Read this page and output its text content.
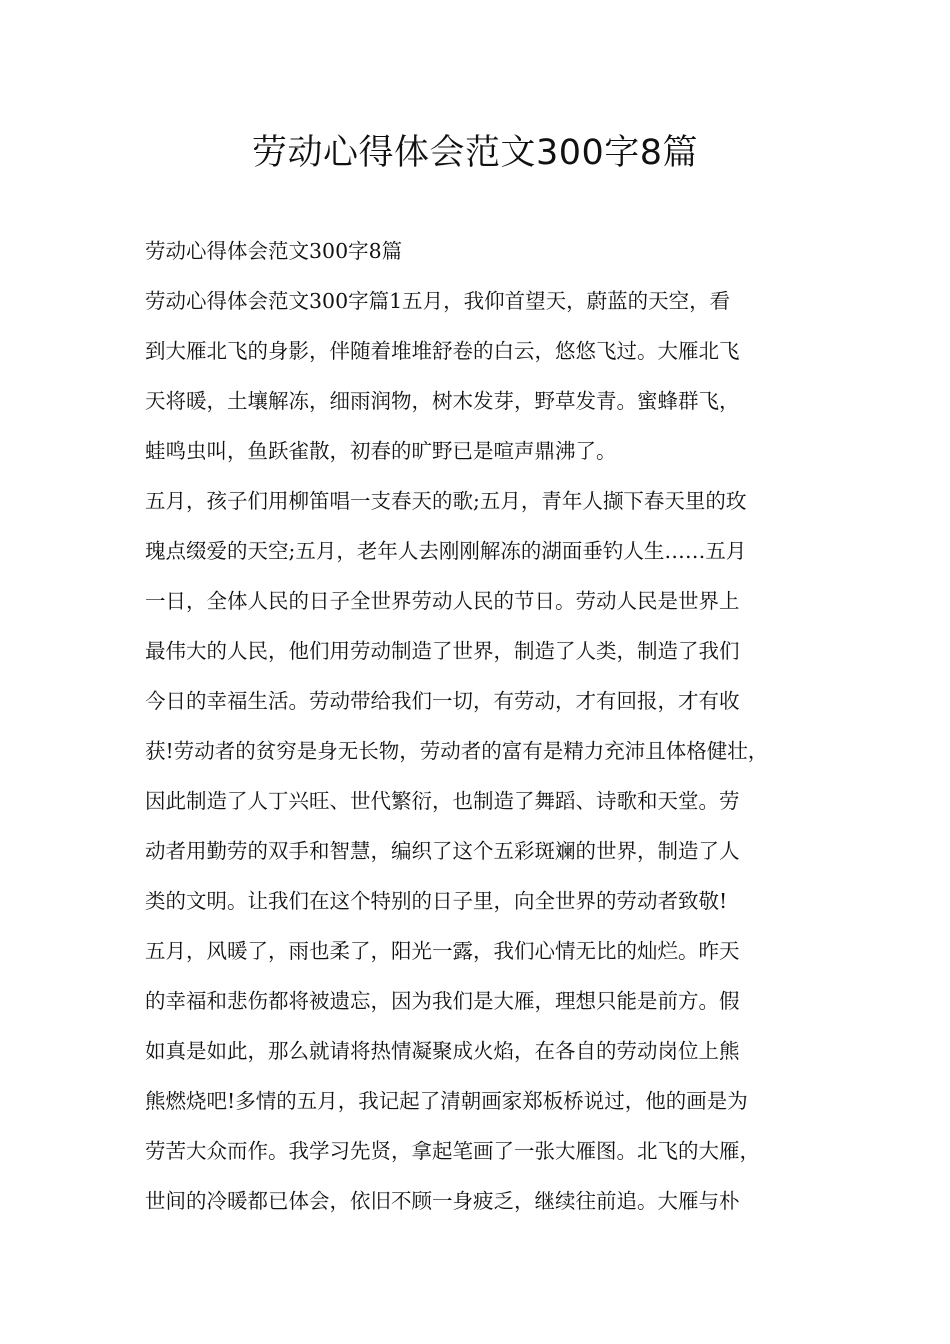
劳动心得体会范文300字8篇
劳动心得体会范文300字8篇
劳动心得体会范文300字篇1五月，我仰首望天，蔚蓝的天空，看
到大雁北飞的身影，伴随着堆堆舒卷的白云，悠悠飞过。大雁北飞
天将暖，土壤解冻，细雨润物，树木发芽，野草发青。蜜蜂群飞，
蛙鸣虫叫，鱼跃雀散，初春的旷野已是喧声鼎沸了。
五月，孩子们用柳笛唱一支春天的歌;五月，青年人撷下春天里的玫
瑰点缀爱的天空;五月，老年人去刚刚解冻的湖面垂钓人生……五月
一日，全体人民的日子全世界劳动人民的节日。劳动人民是世界上
最伟大的人民，他们用劳动制造了世界，制造了人类，制造了我们
今日的幸福生活。劳动带给我们一切，有劳动，才有回报，才有收
获!劳动者的贫穷是身无长物，劳动者的富有是精力充沛且体格健壮，
因此制造了人丁兴旺、世代繁衍，也制造了舞蹈、诗歌和天堂。劳
动者用勤劳的双手和智慧，编织了这个五彩斑斓的世界，制造了人
类的文明。让我们在这个特别的日子里，向全世界的劳动者致敬!
五月，风暖了，雨也柔了，阳光一露，我们心情无比的灿烂。昨天
的幸福和悲伤都将被遗忘，因为我们是大雁，理想只能是前方。假
如真是如此，那么就请将热情凝聚成火焰，在各自的劳动岗位上熊
熊燃烧吧!多情的五月，我记起了清朝画家郑板桥说过，他的画是为
劳苦大众而作。我学习先贤，拿起笔画了一张大雁图。北飞的大雁，
世间的冷暖都已体会，依旧不顾一身疲乏，继续往前追。大雁与朴
